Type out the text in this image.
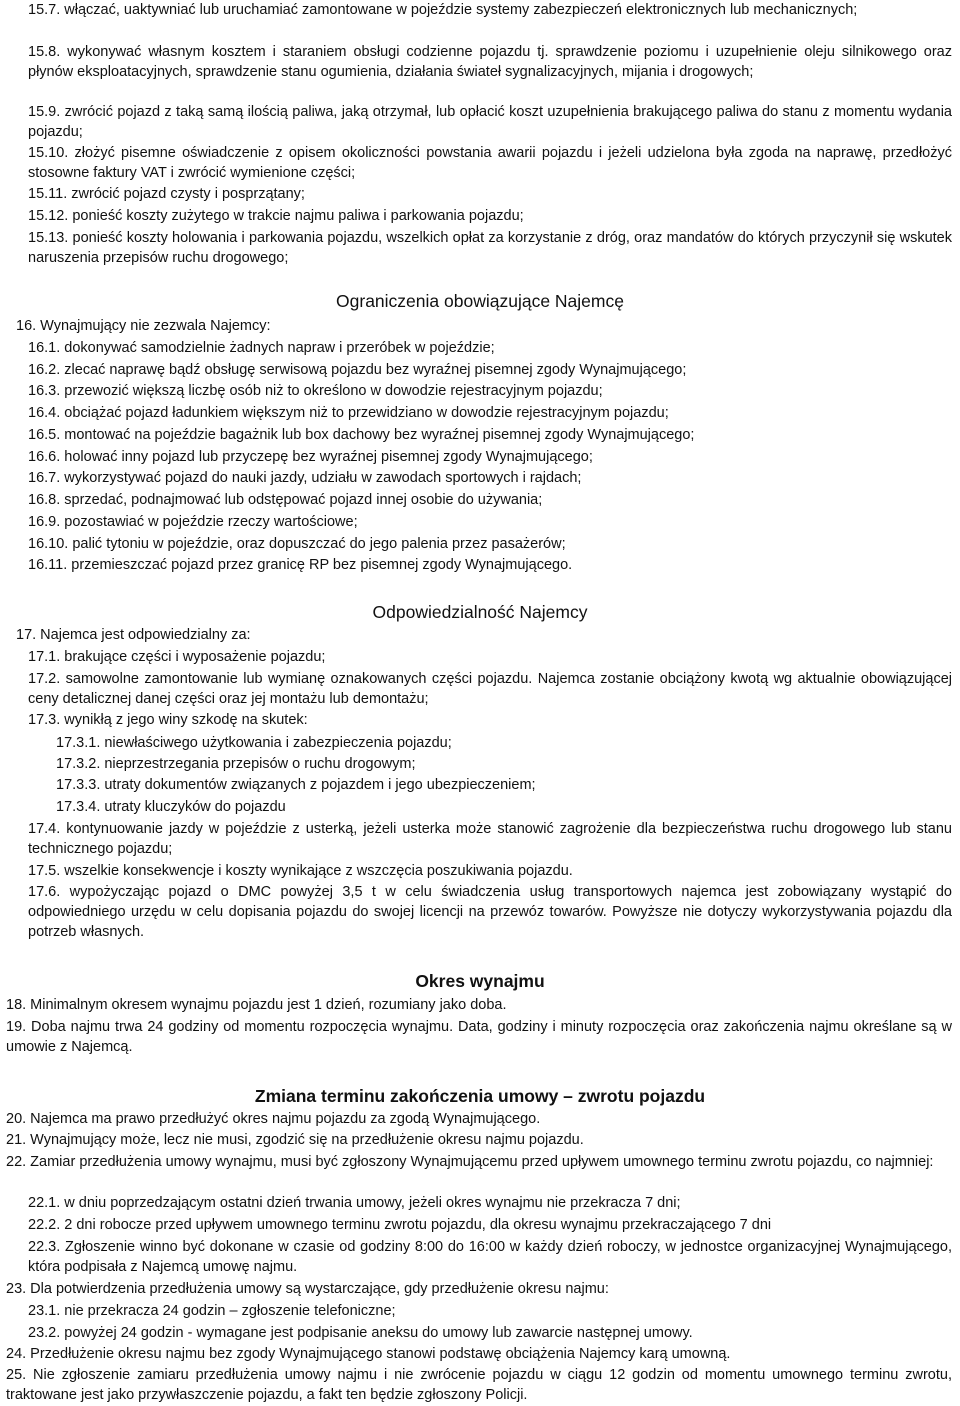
15.7. włączać, uaktywniać lub uruchamiać zamontowane w pojeździe systemy zabezpieczeń elektronicznych lub mechanicznych;

15.8. wykonywać własnym kosztem i staraniem obsługi codzienne pojazdu tj. sprawdzenie poziomu i uzupełnienie oleju silnikowego oraz płynów eksploatacyjnych, sprawdzenie stanu ogumienia, działania świateł sygnalizacyjnych, mijania i drogowych;

15.9. zwrócić pojazd z taką samą ilością paliwa, jaką otrzymał, lub opłacić koszt uzupełnienia brakującego paliwa do stanu z momentu wydania pojazdu;

15.10. złożyć pisemne oświadczenie z opisem okoliczności powstania awarii pojazdu i jeżeli udzielona była zgoda na naprawę, przedłożyć stosowne faktury VAT i zwrócić wymienione części;

15.11. zwrócić pojazd czysty i posprzątany;

15.12. ponieść koszty zużytego w trakcie najmu paliwa i parkowania pojazdu;

15.13. ponieść koszty holowania i parkowania pojazdu, wszelkich opłat za korzystanie z dróg, oraz mandatów do których przyczynił się wskutek naruszenia przepisów ruchu drogowego;

Ograniczenia obowiązujące Najemcę

16. Wynajmujący nie zezwala Najemcy:

16.1. dokonywać samodzielnie żadnych napraw i przeróbek w pojeździe;

16.2. zlecać naprawę bądź obsługę serwisową pojazdu bez wyraźnej pisemnej zgody Wynajmującego;

16.3. przewozić większą liczbę osób niż to określono w dowodzie rejestracyjnym pojazdu;

16.4. obciążać pojazd ładunkiem większym niż to przewidziano w dowodzie rejestracyjnym pojazdu;

16.5. montować na pojeździe bagażnik lub box dachowy bez wyraźnej pisemnej zgody Wynajmującego;

16.6. holować inny pojazd lub przyczepę bez wyraźnej pisemnej zgody Wynajmującego;

16.7. wykorzystywać pojazd do nauki jazdy, udziału w zawodach sportowych i rajdach;

16.8. sprzedać, podnajmować lub odstępować pojazd innej osobie do używania;

16.9. pozostawiać w pojeździe rzeczy wartościowe;

16.10. palić tytoniu w pojeździe, oraz dopuszczać do jego palenia przez pasażerów;

16.11. przemieszczać pojazd przez granicę RP bez pisemnej zgody Wynajmującego.

Odpowiedzialność Najemcy

17. Najemca jest odpowiedzialny za:

17.1. brakujące części i wyposażenie pojazdu;

17.2. samowolne zamontowanie lub wymianę oznakowanych części pojazdu. Najemca zostanie obciążony kwotą wg aktualnie obowiązującej ceny detalicznej danej części oraz jej montażu lub demontażu;

17.3. wynikłą z jego winy szkodę na skutek:

17.3.1. niewłaściwego użytkowania i zabezpieczenia pojazdu;

17.3.2. nieprzestrzegania przepisów o ruchu drogowym;

17.3.3. utraty dokumentów związanych z pojazdem i jego ubezpieczeniem;

17.3.4. utraty kluczyków do pojazdu

17.4. kontynuowanie jazdy w pojeździe z usterką, jeżeli usterka może stanowić zagrożenie dla bezpieczeństwa ruchu drogowego lub stanu technicznego pojazdu;

17.5. wszelkie konsekwencje i koszty wynikające z wszczęcia poszukiwania pojazdu.

17.6. wypożyczając pojazd o DMC powyżej 3,5 t w celu świadczenia usług transportowych najemca jest zobowiązany wystąpić do odpowiedniego urzędu w celu dopisania pojazdu do swojej licencji na przewóz towarów. Powyższe nie dotyczy wykorzystywania pojazdu dla potrzeb własnych.

Okres wynajmu

18. Minimalnym okresem wynajmu pojazdu jest 1 dzień, rozumiany jako doba.

19. Doba najmu trwa 24 godziny od momentu rozpoczęcia wynajmu. Data, godziny i minuty rozpoczęcia oraz zakończenia najmu określane są w umowie z Najemcą.

Zmiana terminu zakończenia umowy – zwrotu pojazdu

20. Najemca ma prawo przedłużyć okres najmu pojazdu za zgodą Wynajmującego.

21. Wynajmujący może, lecz nie musi, zgodzić się na przedłużenie okresu najmu pojazdu.

22. Zamiar przedłużenia umowy wynajmu, musi być zgłoszony Wynajmującemu przed upływem umownego terminu zwrotu pojazdu, co najmniej:

22.1. w dniu poprzedzającym ostatni dzień trwania umowy, jeżeli okres wynajmu nie przekracza 7 dni;

22.2. 2 dni robocze przed upływem umownego terminu zwrotu pojazdu, dla okresu wynajmu przekraczającego 7 dni

22.3. Zgłoszenie winno być dokonane w czasie od godziny 8:00 do 16:00 w każdy dzień roboczy, w jednostce organizacyjnej Wynajmującego, która podpisała z Najemcą umowę najmu.

23. Dla potwierdzenia przedłużenia umowy są wystarczające, gdy przedłużenie okresu najmu:

23.1. nie przekracza 24 godzin – zgłoszenie telefoniczne;

23.2. powyżej 24 godzin - wymagane jest podpisanie aneksu do umowy lub zawarcie następnej umowy.

24. Przedłużenie okresu najmu bez zgody Wynajmującego stanowi podstawę obciążenia Najemcy karą umowną.

25. Nie zgłoszenie zamiaru przedłużenia umowy najmu i nie zwrócenie pojazdu w ciągu 12 godzin od momentu umownego terminu zwrotu, traktowane jest jako przywłaszczenie pojazdu, a fakt ten będzie zgłoszony Policji.
